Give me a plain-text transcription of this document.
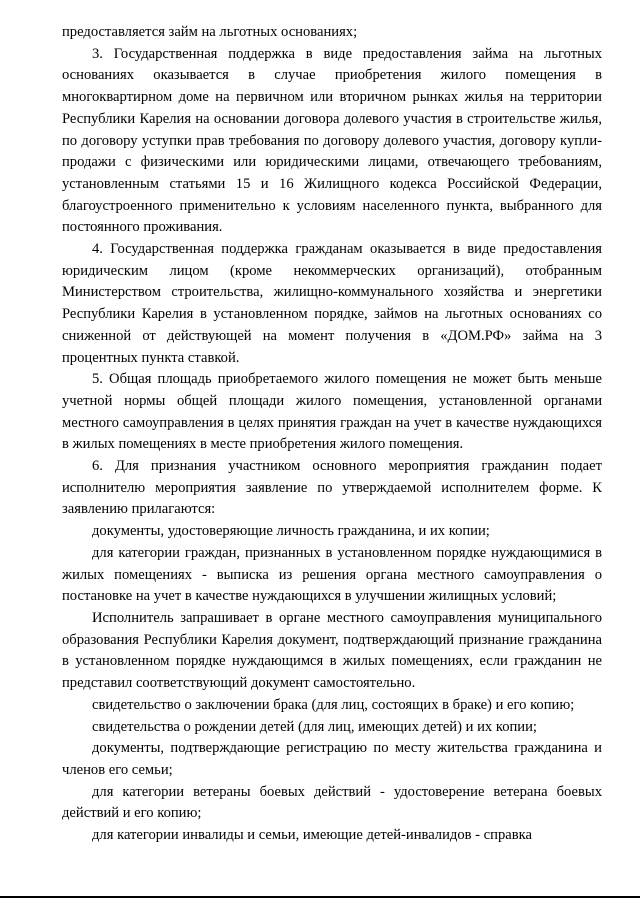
предоставляется займ на льготных основаниях;

3. Государственная поддержка в виде предоставления займа на льготных основаниях оказывается в случае приобретения жилого помещения в многоквартирном доме на первичном или вторичном рынках жилья на территории Республики Карелия на основании договора долевого участия в строительстве жилья, по договору уступки прав требования по договору долевого участия, договору купли-продажи с физическими или юридическими лицами, отвечающего требованиям, установленным статьями 15 и 16 Жилищного кодекса Российской Федерации, благоустроенного применительно к условиям населенного пункта, выбранного для постоянного проживания.

4. Государственная поддержка гражданам оказывается в виде предоставления юридическим лицом (кроме некоммерческих организаций), отобранным Министерством строительства, жилищно-коммунального хозяйства и энергетики Республики Карелия в установленном порядке, займов на льготных основаниях со сниженной от действующей на момент получения в «ДОМ.РФ» займа на 3 процентных пункта ставкой.

5. Общая площадь приобретаемого жилого помещения не может быть меньше учетной нормы общей площади жилого помещения, установленной органами местного самоуправления в целях принятия граждан на учет в качестве нуждающихся в жилых помещениях в месте приобретения жилого помещения.

6. Для признания участником основного мероприятия гражданин подает исполнителю мероприятия заявление по утверждаемой исполнителем форме. К заявлению прилагаются:

документы, удостоверяющие личность гражданина, и их копии;

для категории граждан, признанных в установленном порядке нуждающимися в жилых помещениях - выписка из решения органа местного самоуправления о постановке на учет в качестве нуждающихся в улучшении жилищных условий;

Исполнитель запрашивает в органе местного самоуправления муниципального образования Республики Карелия документ, подтверждающий признание гражданина в установленном порядке нуждающимся в жилых помещениях, если гражданин не представил соответствующий документ самостоятельно.

свидетельство о заключении брака (для лиц, состоящих в браке) и его копию;

свидетельства о рождении детей (для лиц, имеющих детей) и их копии;

документы, подтверждающие регистрацию по месту жительства гражданина и членов его семьи;

для категории ветераны боевых действий - удостоверение ветерана боевых действий и его копию;

для категории инвалиды и семьи, имеющие детей-инвалидов - справка
